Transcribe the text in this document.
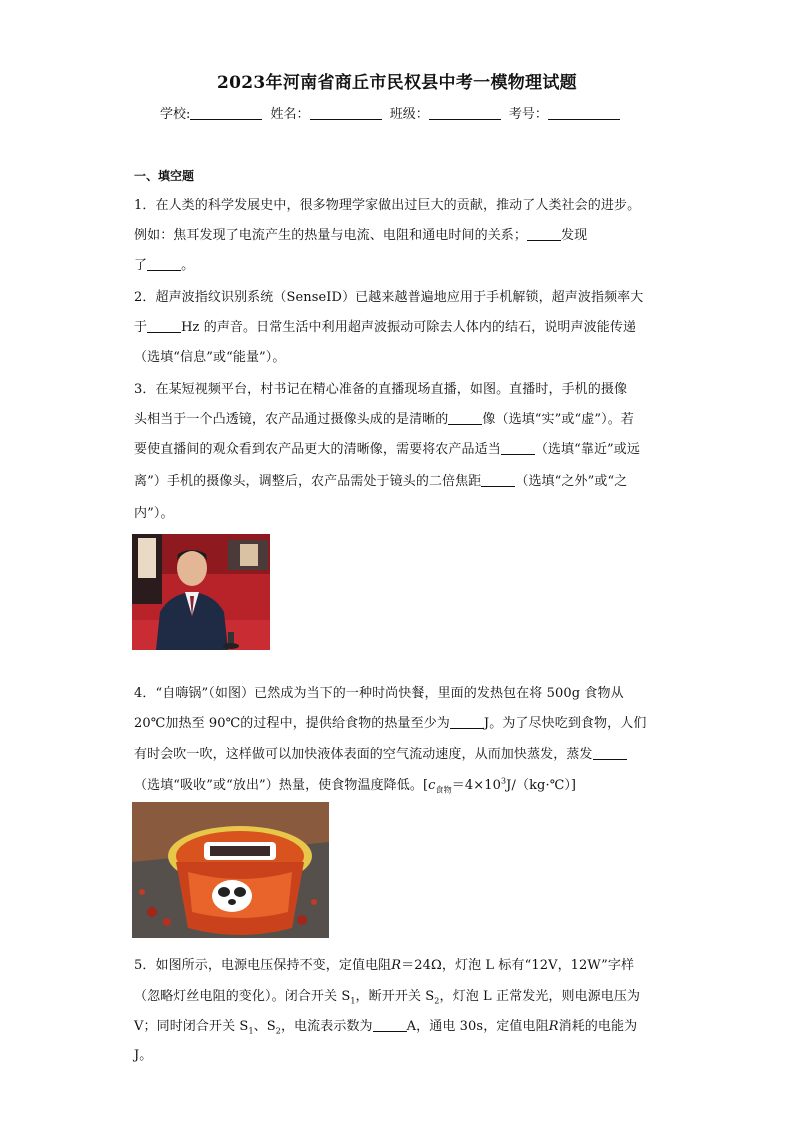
2023年河南省商丘市民权县中考一模物理试题
学校:	姓名：	班级：	考号：
一、填空题
1．在人类的科学发展史中，很多物理学家做出过巨大的贡献，推动了人类社会的进步。
例如：焦耳发现了电流产生的热量与电流、电阻和通电时间的关系；	发现
了	。
2．超声波指纹识别系统（SenseID）已越来越普遍地应用于手机解锁，超声波指频率大
于	Hz 的声音。日常生活中利用超声波振动可除去人体内的结石，说明声波能传递
（选填“信息”或“能量”）。
3．在某短视频平台，村书记在精心准备的直播现场直播，如图。直播时，手机的摄像
头相当于一个凸透镜，农产品通过摄像头成的是清晰的	像（选填“实”或“虚”）。若
要使直播间的观众看到农产品更大的清晰像，需要将农产品适当	（选填“靠近”或远
离”）手机的摄像头，调整后，农产品需处于镜头的二倍焦距	（选填“之外”或“之
内”）。
4．“自嗨锅”（如图）已然成为当下的一种时尚快餐，里面的发热包在将 500g 食物从
20℃加热至 90℃的过程中，提供给食物的热量至少为	J。为了尽快吃到食物，人们
有时会吹一吹，这样做可以加快液体表面的空气流动速度，从而加快蒸发，蒸发
（选填“吸收”或“放出”）热量，使食物温度降低。$[c_{食物}=4\times 10^3J/(kg\cdot℃)]$
5．如图所示，电源电压保持不变，定值电阻R＝24Ω，灯泡 L 标有“12V，12W”字样
（忽略灯丝电阻的变化）。闭合开关 $S_1$，断开开关 $S_2$，灯泡 L 正常发光，则电源电压为
V；同时闭合开关 $S_1$、$S_2$，电流表示数为	A，通电 30s，定值电阻R消耗的电能为
J。
